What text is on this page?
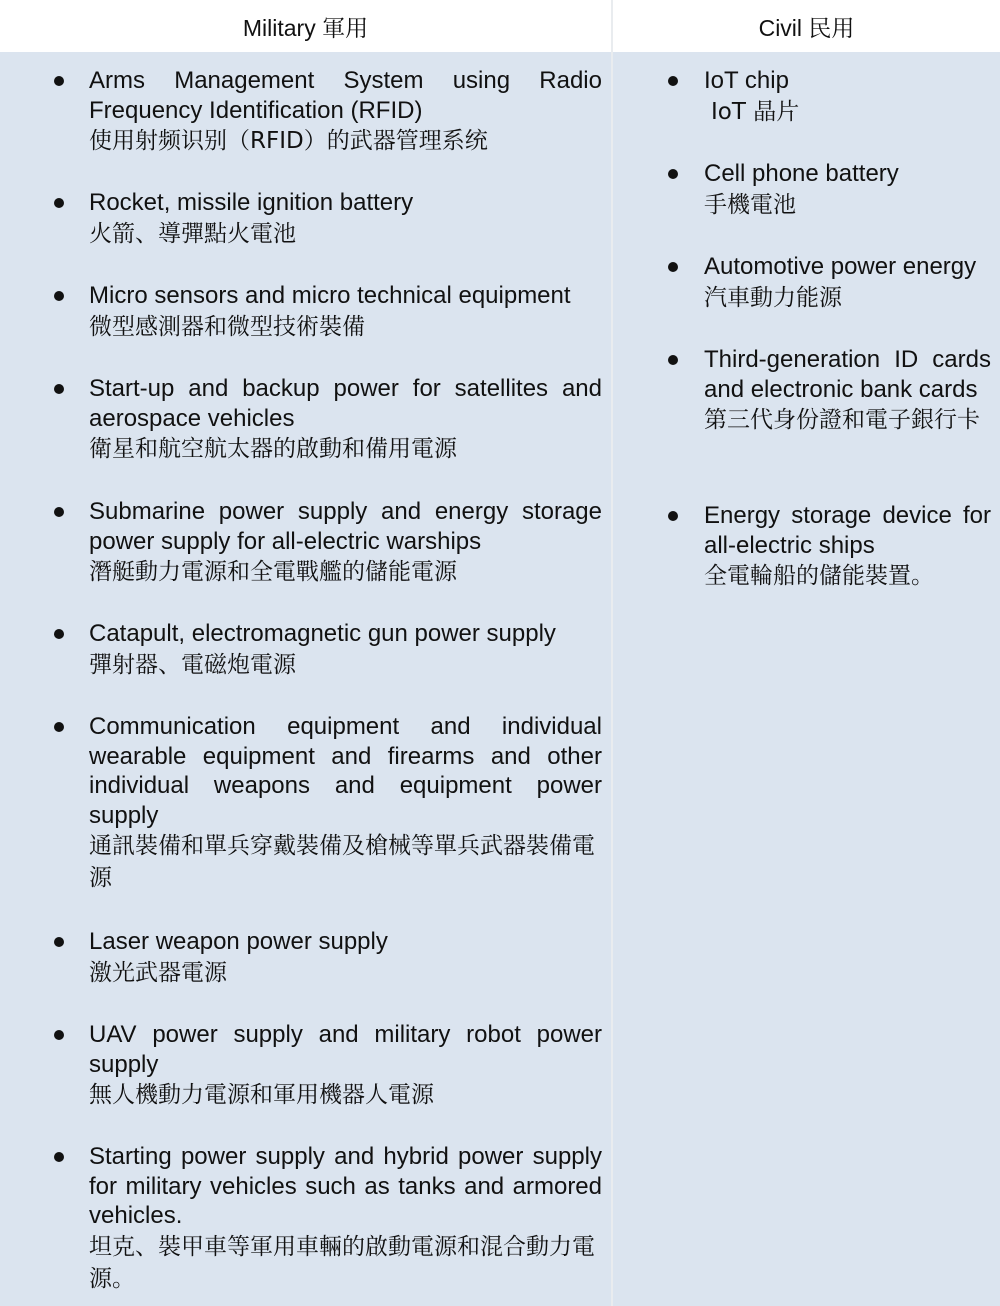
Military 軍用	Civil 民用
Arms Management System using Radio Frequency Identification (RFID)
使用射频识别（RFID）的武器管理系统
Rocket, missile ignition battery
火箭、導彈點火電池
Micro sensors and micro technical equipment
微型感測器和微型技術裝備
Start-up and backup power for satellites and aerospace vehicles
衛星和航空航太器的啟動和備用電源
Submarine power supply and energy storage power supply for all-electric warships
潛艇動力電源和全電戰艦的儲能電源
Catapult, electromagnetic gun power supply
彈射器、電磁炮電源
Communication equipment and individual wearable equipment and firearms and other individual weapons and equipment power supply
通訊裝備和單兵穿戴裝備及槍械等單兵武器裝備電源
Laser weapon power supply
激光武器電源
UAV power supply and military robot power supply
無人機動力電源和軍用機器人電源
Starting power supply and hybrid power supply for military vehicles such as tanks and armored vehicles.
坦克、裝甲車等軍用車輛的啟動電源和混合動力電源。
IoT chip
IoT 晶片
Cell phone battery
手機電池
Automotive power energy
汽車動力能源
Third-generation ID cards and electronic bank cards
第三代身份證和電子銀行卡
Energy storage device for all-electric ships
全電輪船的儲能裝置。
